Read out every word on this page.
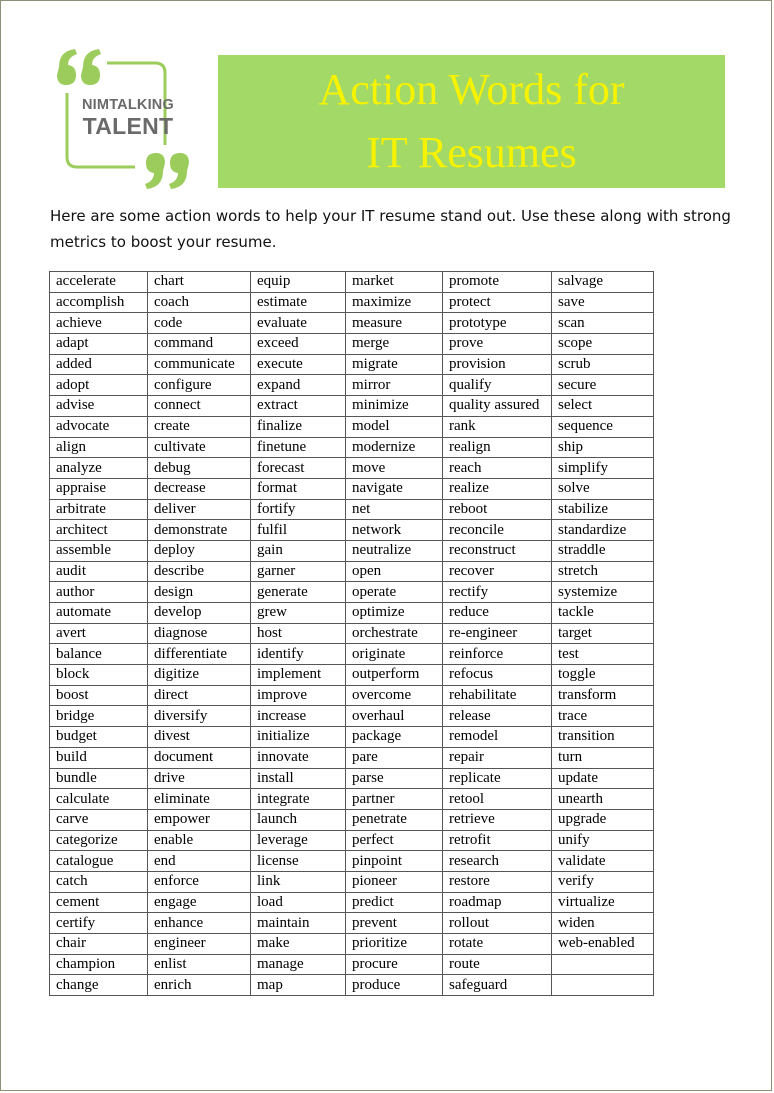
NIMTALKING
TALENT
Action Words for
IT Resumes
Here are some action words to help your IT resume stand out. Use these along with strong
metrics to boost your resume.
accelerate	chart	equip	market	promote	salvage
accomplish	coach	estimate	maximize	protect	save
achieve	code	evaluate	measure	prototype	scan
adapt	command	exceed	merge	prove	scope
added	communicate	execute	migrate	provision	scrub
adopt	configure	expand	mirror	qualify	secure
advise	connect	extract	minimize	quality assured	select
advocate	create	finalize	model	rank	sequence
align	cultivate	finetune	modernize	realign	ship
analyze	debug	forecast	move	reach	simplify
appraise	decrease	format	navigate	realize	solve
arbitrate	deliver	fortify	net	reboot	stabilize
architect	demonstrate	fulfil	network	reconcile	standardize
assemble	deploy	gain	neutralize	reconstruct	straddle
audit	describe	garner	open	recover	stretch
author	design	generate	operate	rectify	systemize
automate	develop	grew	optimize	reduce	tackle
avert	diagnose	host	orchestrate	re-engineer	target
balance	differentiate	identify	originate	reinforce	test
block	digitize	implement	outperform	refocus	toggle
boost	direct	improve	overcome	rehabilitate	transform
bridge	diversify	increase	overhaul	release	trace
budget	divest	initialize	package	remodel	transition
build	document	innovate	pare	repair	turn
bundle	drive	install	parse	replicate	update
calculate	eliminate	integrate	partner	retool	unearth
carve	empower	launch	penetrate	retrieve	upgrade
categorize	enable	leverage	perfect	retrofit	unify
catalogue	end	license	pinpoint	research	validate
catch	enforce	link	pioneer	restore	verify
cement	engage	load	predict	roadmap	virtualize
certify	enhance	maintain	prevent	rollout	widen
chair	engineer	make	prioritize	rotate	web-enabled
champion	enlist	manage	procure	route	
change	enrich	map	produce	safeguard	
